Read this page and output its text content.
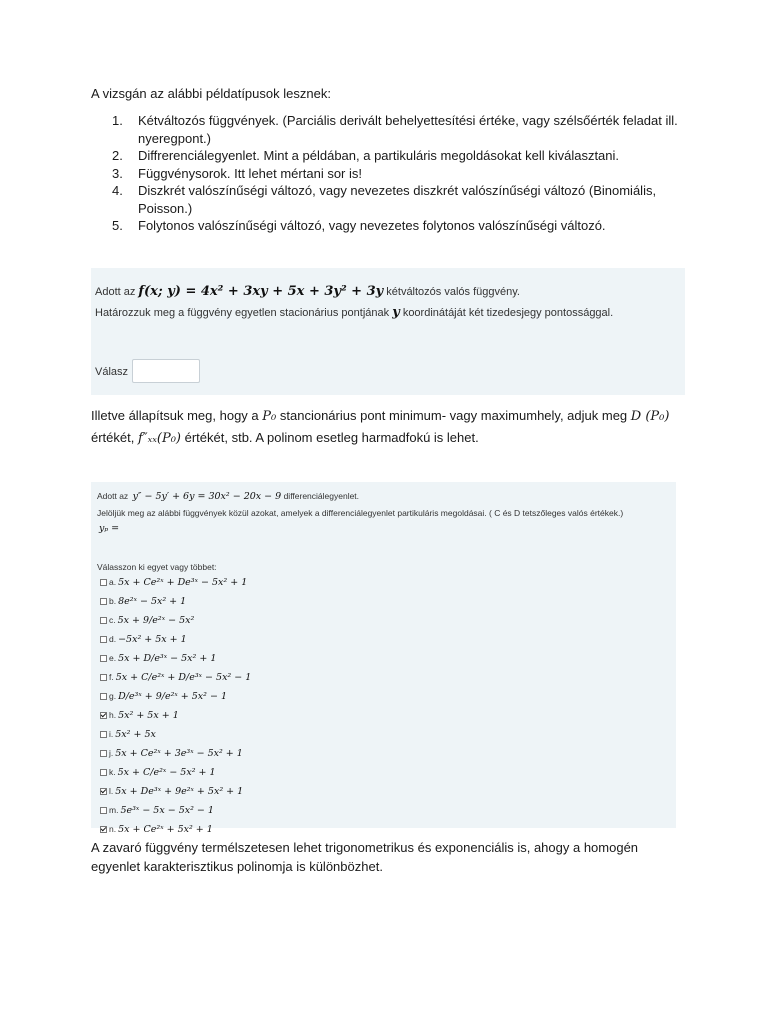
A vizsgán az alábbi példatípusok lesznek:
1. Kétváltozós függvények. (Parciális derivált behelyettesítési értéke, vagy szélsőérték feladat ill. nyeregpont.)
2. Diffrerenciálegyenlet. Mint a példában, a partikuláris megoldásokat kell kiválasztani.
3. Függvénysorok. Itt lehet mértani sor is!
4. Diszkrét valószínűségi változó, vagy nevezetes diszkrét valószínűségi változó (Binomiális, Poisson.)
5. Folytonos valószínűségi változó, vagy nevezetes folytonos valószínűségi változó.
Adott az f(x; y) = 4x² + 3xy + 5x + 3y² + 3y kétváltozós valós függvény.
Határozzuk meg a függvény egyetlen stacionárius pontjának y koordinátáját két tizedesjegy pontossággal.
Válasz
Illetve állapítsuk meg, hogy a P₀ stancionárius pont minimum- vagy maximumhely, adjuk meg D (P₀) értékét, f″ₓₓ(P₀) értékét, stb. A polinom esetleg harmadfokú is lehet.
Adott az y″ − 5y′ + 6y = 30x² − 20x − 9 differenciálegyenlet.
Jelöljük meg az alábbi függvények közül azokat, amelyek a differenciálegyenlet partikuláris megoldásai. ( C és D tetszőleges valós értékek.)
yₚ =
Válasszon ki egyet vagy többet:
a. 5x + Ce²ˣ + De³ˣ − 5x² + 1
b. 8e²ˣ − 5x² + 1
c. 5x + 9/e²ˣ − 5x²
d. −5x² + 5x + 1
e. 5x + D/e³ˣ − 5x² + 1
f. 5x + C/e²ˣ + D/e³ˣ − 5x² − 1
g. D/e³ˣ + 9/e²ˣ + 5x² − 1
h. 5x² + 5x + 1
i. 5x² + 5x
j. 5x + Ce²ˣ + 3e³ˣ − 5x² + 1
k. 5x + C/e²ˣ − 5x² + 1
l. 5x + De³ˣ + 9e²ˣ + 5x² + 1
m. 5e³ˣ − 5x − 5x² − 1
n. 5x + Ce²ˣ + 5x² + 1
A zavaró függvény termélszetesen lehet trigonometrikus és exponenciális is, ahogy a homogén egyenlet karakterisztikus polinomja is különbözhet.
